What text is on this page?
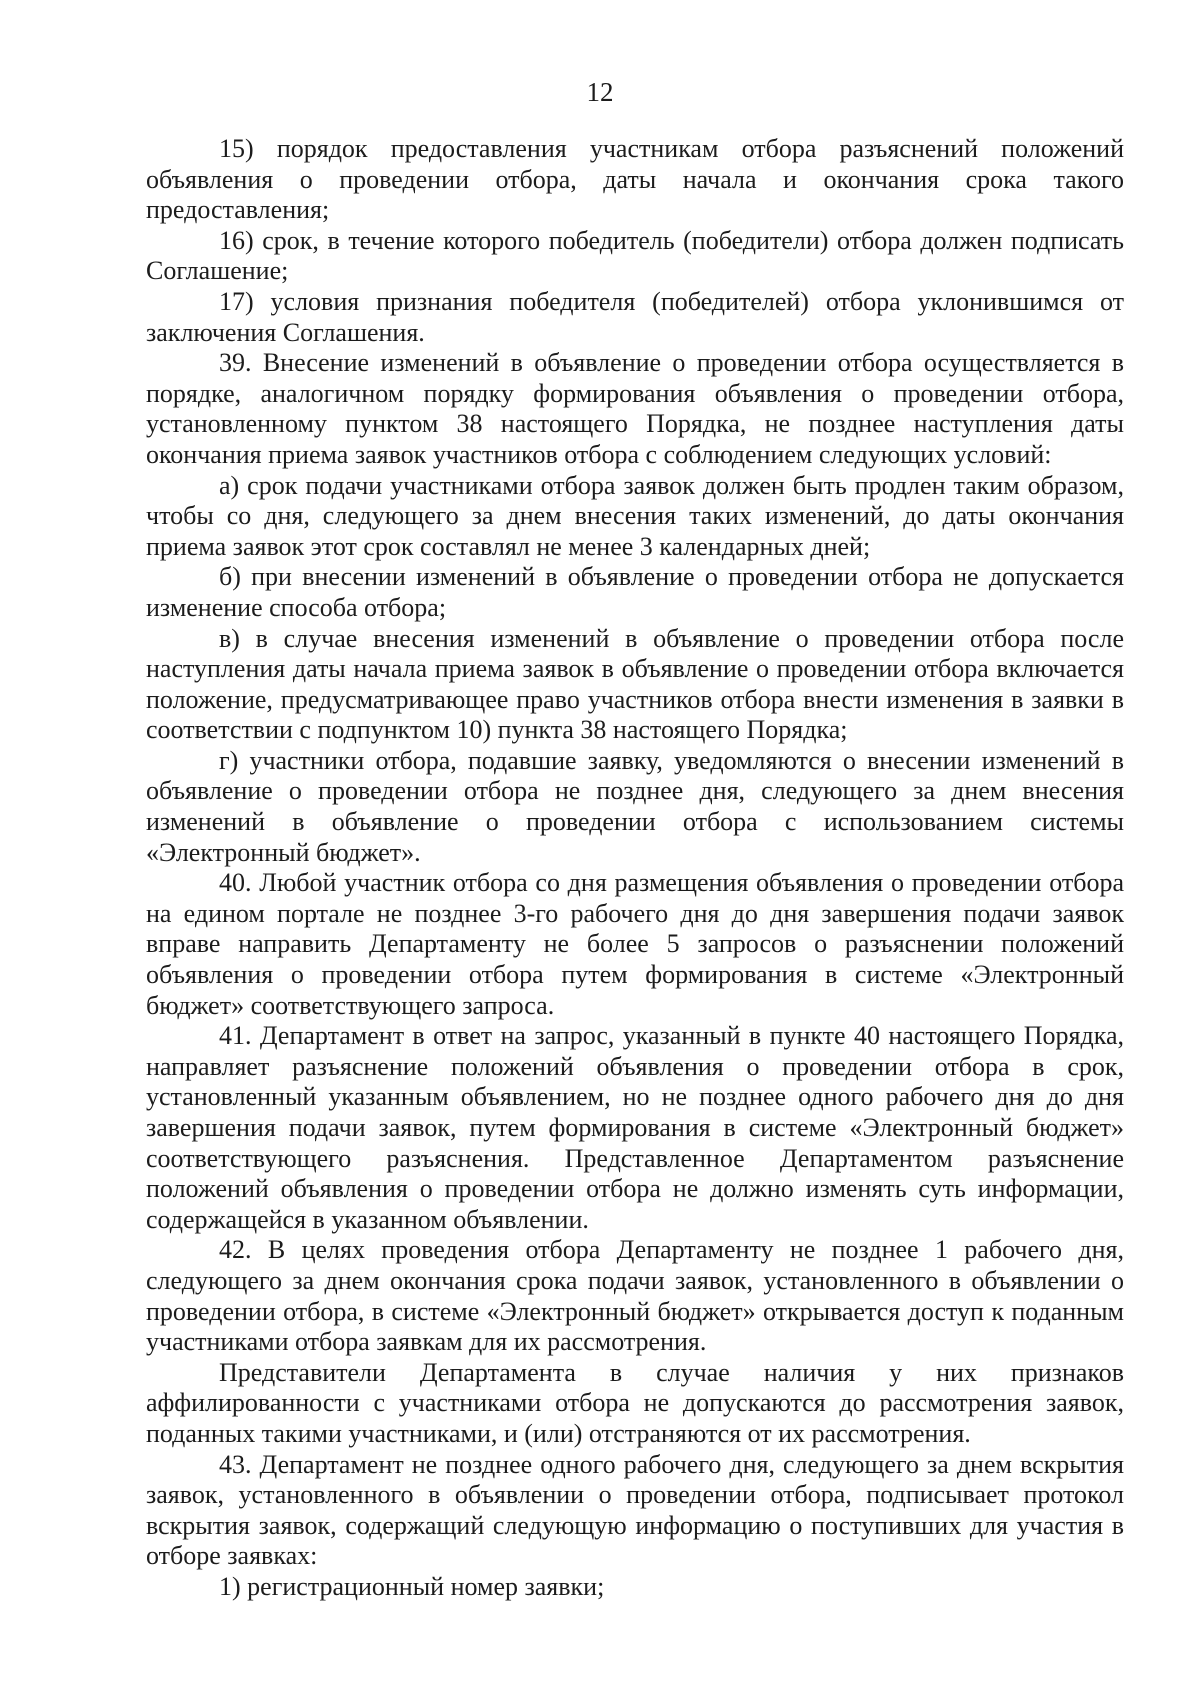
12

15) порядок предоставления участникам отбора разъяснений положений объявления о проведении отбора, даты начала и окончания срока такого предоставления;

16) срок, в течение которого победитель (победители) отбора должен подписать Соглашение;

17) условия признания победителя (победителей) отбора уклонившимся от заключения Соглашения.

39. Внесение изменений в объявление о проведении отбора осуществляется в порядке, аналогичном порядку формирования объявления о проведении отбора, установленному пунктом 38 настоящего Порядка, не позднее наступления даты окончания приема заявок участников отбора с соблюдением следующих условий:

а) срок подачи участниками отбора заявок должен быть продлен таким образом, чтобы со дня, следующего за днем внесения таких изменений, до даты окончания приема заявок этот срок составлял не менее 3 календарных дней;

б) при внесении изменений в объявление о проведении отбора не допускается изменение способа отбора;

в) в случае внесения изменений в объявление о проведении отбора после наступления даты начала приема заявок в объявление о проведении отбора включается положение, предусматривающее право участников отбора внести изменения в заявки в соответствии с подпунктом 10) пункта 38 настоящего Порядка;

г) участники отбора, подавшие заявку, уведомляются о внесении изменений в объявление о проведении отбора не позднее дня, следующего за днем внесения изменений в объявление о проведении отбора с использованием системы «Электронный бюджет».

40. Любой участник отбора со дня размещения объявления о проведении отбора на едином портале не позднее 3-го рабочего дня до дня завершения подачи заявок вправе направить Департаменту не более 5 запросов о разъяснении положений объявления о проведении отбора путем формирования в системе «Электронный бюджет» соответствующего запроса.

41. Департамент в ответ на запрос, указанный в пункте 40 настоящего Порядка, направляет разъяснение положений объявления о проведении отбора в срок, установленный указанным объявлением, но не позднее одного рабочего дня до дня завершения подачи заявок, путем формирования в системе «Электронный бюджет» соответствующего разъяснения. Представленное Департаментом разъяснение положений объявления о проведении отбора не должно изменять суть информации, содержащейся в указанном объявлении.

42. В целях проведения отбора Департаменту не позднее 1 рабочего дня, следующего за днем окончания срока подачи заявок, установленного в объявлении о проведении отбора, в системе «Электронный бюджет» открывается доступ к поданным участниками отбора заявкам для их рассмотрения.

Представители Департамента в случае наличия у них признаков аффилированности с участниками отбора не допускаются до рассмотрения заявок, поданных такими участниками, и (или) отстраняются от их рассмотрения.

43. Департамент не позднее одного рабочего дня, следующего за днем вскрытия заявок, установленного в объявлении о проведении отбора, подписывает протокол вскрытия заявок, содержащий следующую информацию о поступивших для участия в отборе заявках:

1) регистрационный номер заявки;
